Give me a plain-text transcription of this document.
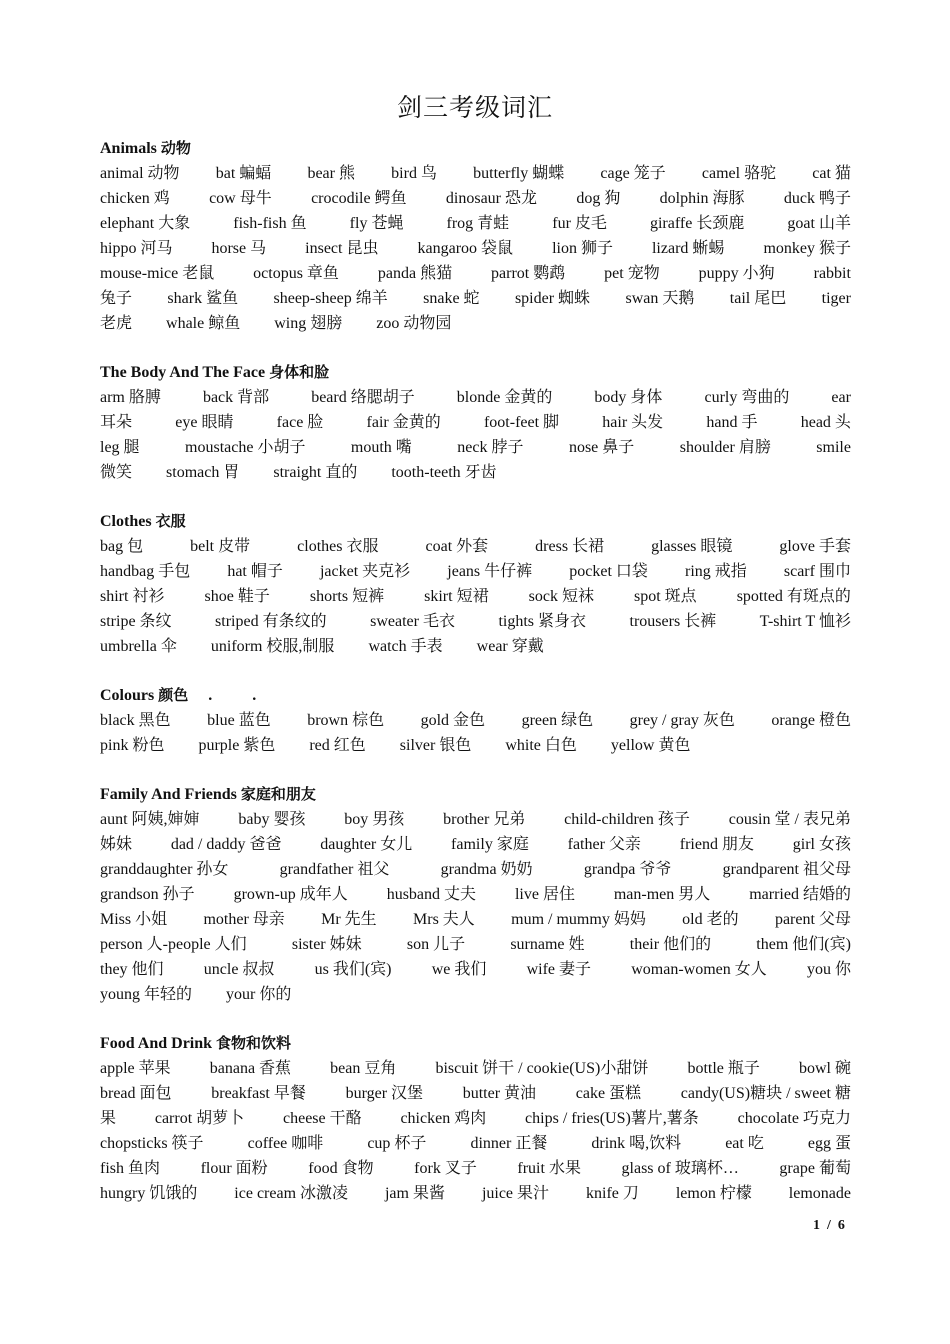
剑三考级词汇
Animals 动物
animal 动物 bat 蝙蝠 bear 熊 bird 鸟 butterfly 蝴蝶 cage 笼子 camel 骆驼 cat 猫
chicken 鸡 cow 母牛 crocodile 鳄鱼 dinosaur 恐龙 dog 狗 dolphin 海豚 duck 鸭子
elephant 大象	fish-fish 鱼	fly 苍蝇	frog 青蛙	fur 皮毛	giraffe 长颈鹿	goat 山羊
hippo 河马 horse 马 insect 昆虫 kangaroo 袋鼠 lion 狮子 lizard 蜥蜴 monkey 猴子
mouse-mice 老鼠 octopus 章鱼 panda 熊猫 parrot 鹦鹉 pet 宠物 puppy 小狗 rabbit
兔子 shark 鲨鱼 sheep-sheep 绵羊 snake 蛇 spider 蜘蛛 swan 天鹅 tail 尾巴 tiger
老虎 whale 鲸鱼 wing 翅膀 zoo 动物园
The Body And The Face 身体和脸
arm 胳膊	back 背部	beard 络腮胡子	blonde 金黄的	body 身体	curly 弯曲的	ear
耳朵	eye 眼睛	face 脸	fair 金黄的	foot-feet 脚	hair 头发	hand 手	head 头
leg 腿	moustache 小胡子	mouth 嘴	neck 脖子	nose 鼻子	shoulder 肩膀	smile
微笑 stomach 胃 straight 直的 tooth-teeth 牙齿
Clothes 衣服
bag 包	belt 皮带	clothes 衣服	coat 外套	dress 长裙	glasses 眼镜	glove 手套
handbag 手包 hat 帽子 jacket 夹克衫 jeans 牛仔裤 pocket 口袋 ring 戒指 scarf 围巾
shirt 衬衫	shoe 鞋子	shorts 短裤	skirt 短裙	sock 短袜	spot 斑点	spotted 有斑点的
stripe 条纹	striped 有条纹的	sweater 毛衣	tights 紧身衣	trousers 长裤	T-shirt T 恤衫
umbrella 伞 uniform 校服,制服 watch 手表 wear 穿戴
Colours 颜色     .          .
black 黑色 blue 蓝色 brown 棕色 gold 金色 green 绿色 grey / gray 灰色 orange 橙色
pink 粉色 purple 紫色 red 红色 silver 银色 white 白色 yellow 黄色
Family And Friends 家庭和朋友
aunt 阿姨,婶婶 baby 婴孩 boy 男孩 brother 兄弟 child-children 孩子 cousin 堂 / 表兄弟
姊妹 dad / daddy 爸爸 daughter 女儿 family 家庭 father 父亲 friend 朋友 girl 女孩
granddaughter 孙女	grandfather 祖父	grandma 奶奶	grandpa 爷爷	grandparent 祖父母
grandson 孙子 grown-up 成年人 husband 丈夫 live 居住 man-men 男人 married 结婚的
Miss 小姐 mother 母亲 Mr 先生 Mrs 夫人 mum / mummy 妈妈 old 老的 parent 父母
person 人-people 人们	sister 姊妹	son 儿子	surname 姓	their 他们的	them 他们(宾)
they 他们	uncle 叔叔	us 我们(宾)	we 我们	wife 妻子	woman-women 女人	you 你
young 年轻的 your 你的
Food And Drink 食物和饮料
apple 苹果 banana 香蕉 bean 豆角 biscuit 饼干 / cookie(US)小甜饼 bottle 瓶子 bowl 碗
bread 面包 breakfast 早餐 burger 汉堡 butter 黄油 cake 蛋糕 candy(US)糖块 / sweet 糖
果 carrot 胡萝卜 cheese 干酪 chicken 鸡肉 chips / fries(US)薯片,薯条 chocolate 巧克力
chopsticks 筷子	coffee 咖啡	cup 杯子	dinner 正餐	drink 喝,饮料	eat 吃	egg 蛋
fish 鱼肉	flour 面粉	food 食物	fork 叉子	fruit 水果	glass of 玻璃杯…	grape 葡萄
hungry 饥饿的 ice cream 冰激凌 jam 果酱 juice 果汁 knife 刀 lemon 柠檬 lemonade
1  /  6
